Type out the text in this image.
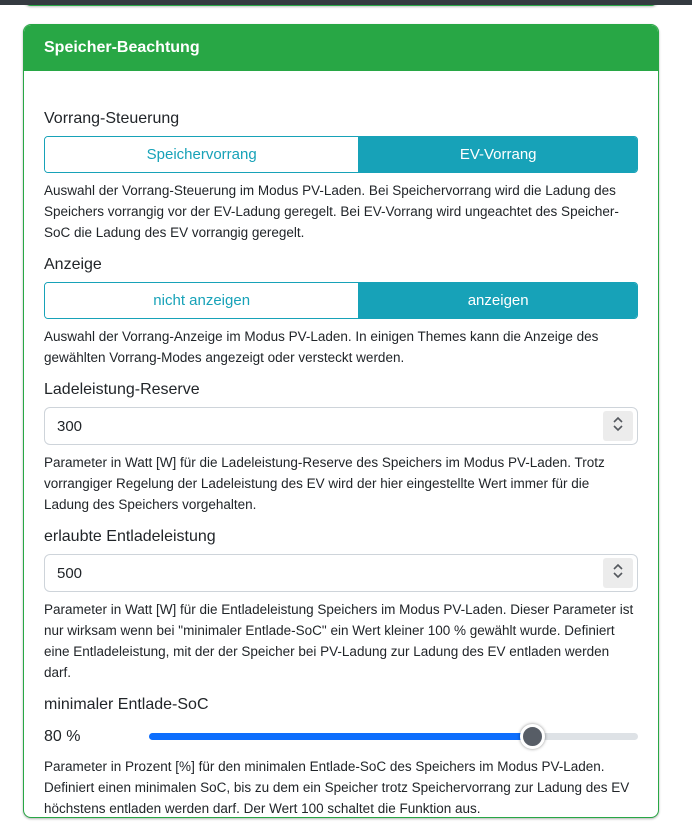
Speicher-Beachtung
Vorrang-Steuerung
Speichervorrang	EV-Vorrang

Auswahl der Vorrang-Steuerung im Modus PV-Laden. Bei Speichervorrang wird die Ladung des Speichers vorrangig vor der EV-Ladung geregelt. Bei EV-Vorrang wird ungeachtet des Speicher-SoC die Ladung des EV vorrangig geregelt.

Anzeige
nicht anzeigen	anzeigen

Auswahl der Vorrang-Anzeige im Modus PV-Laden. In einigen Themes kann die Anzeige des gewählten Vorrang-Modes angezeigt oder versteckt werden.

Ladeleistung-Reserve
300

Parameter in Watt [W] für die Ladeleistung-Reserve des Speichers im Modus PV-Laden. Trotz vorrangiger Regelung der Ladeleistung des EV wird der hier eingestellte Wert immer für die Ladung des Speichers vorgehalten.

erlaubte Entladeleistung
500

Parameter in Watt [W] für die Entladeleistung Speichers im Modus PV-Laden. Dieser Parameter ist nur wirksam wenn bei "minimaler Entlade-SoC" ein Wert kleiner 100 % gewählt wurde. Definiert eine Entladeleistung, mit der der Speicher bei PV-Ladung zur Ladung des EV entladen werden darf.

minimaler Entlade-SoC
80 %

Parameter in Prozent [%] für den minimalen Entlade-SoC des Speichers im Modus PV-Laden. Definiert einen minimalen SoC, bis zu dem ein Speicher trotz Speichervorrang zur Ladung des EV höchstens entladen werden darf. Der Wert 100 schaltet die Funktion aus.
